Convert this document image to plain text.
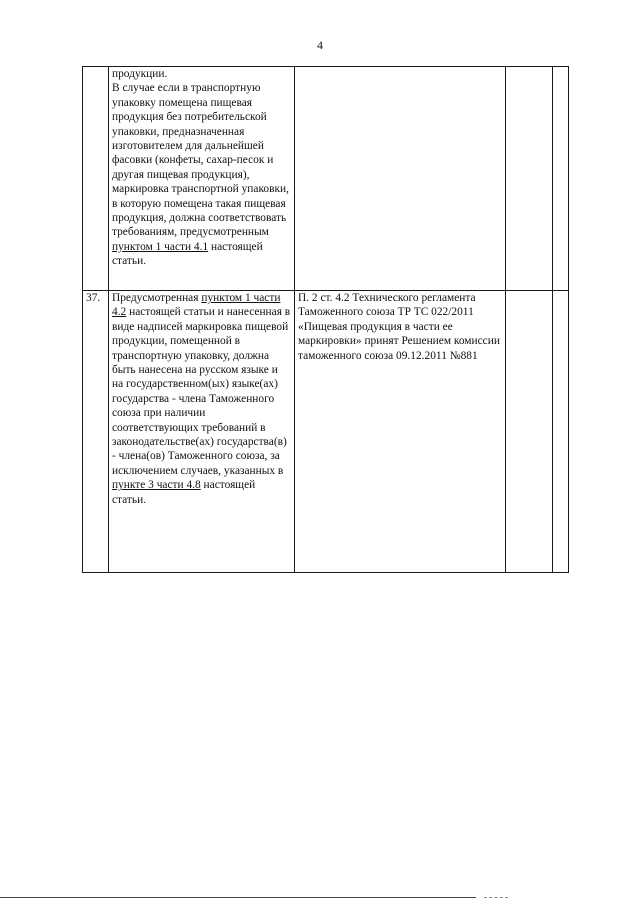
4

	продукции.
В случае если в транспортную упаковку помещена пищевая продукция без потребительской упаковки, предназначенная изготовителем для дальнейшей фасовки (конфеты, сахар-песок и другая пищевая продукция), маркировка транспортной упаковки, в которую помещена такая пищевая продукция, должна соответствовать требованиям, предусмотренным пунктом 1 части 4.1 настоящей статьи.			
37.	Предусмотренная пунктом 1 части 4.2 настоящей статьи и нанесенная в виде надписей маркировка пищевой продукции, помещенной в транспортную упаковку, должна быть нанесена на русском языке и на государственном(ых) языке(ах) государства - члена Таможенного союза при наличии соответствующих требований в законодательстве(ах) государства(в) - члена(ов) Таможенного союза, за исключением случаев, указанных в пункте 3 части 4.8 настоящей статьи.	П. 2 ст. 4.2 Технического регламента Таможенного союза ТР ТС 022/2011 «Пищевая продукция в части ее маркировки» принят Решением комиссии таможенного союза 09.12.2011 №881		
